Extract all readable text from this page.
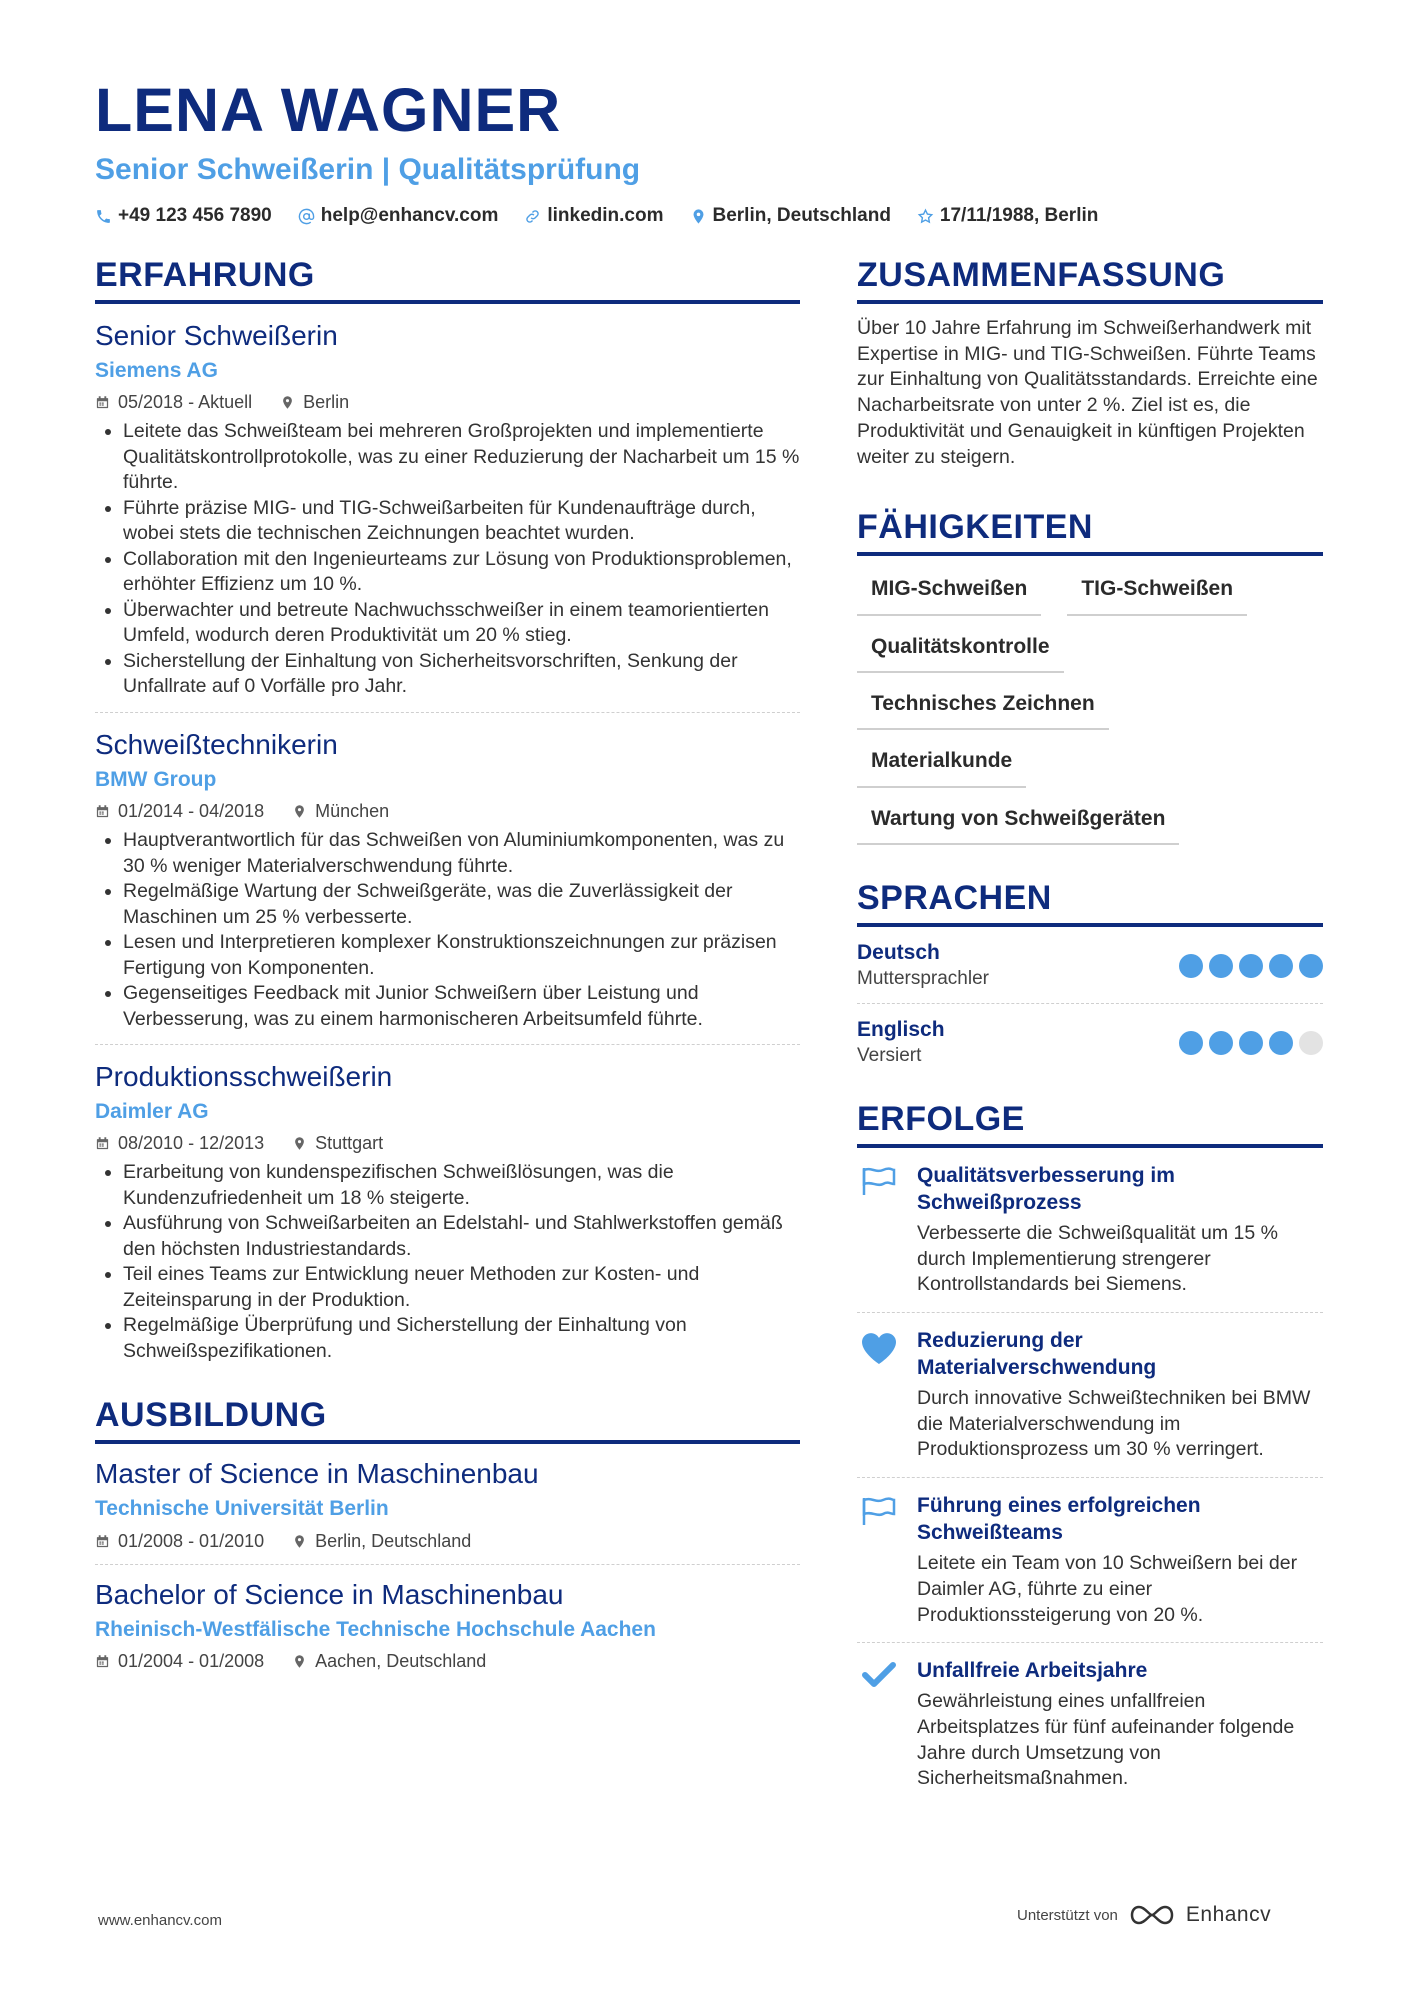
LENA WAGNER
Senior Schweißerin | Qualitätsprüfung
+49 123 456 7890	help@enhancv.com	linkedin.com	Berlin, Deutschland	17/11/1988, Berlin
ERFAHRUNG
Senior Schweißerin
Siemens AG
05/2018 - Aktuell	Berlin
• Leitete das Schweißteam bei mehreren Großprojekten und implementierte Qualitätskontrollprotokolle, was zu einer Reduzierung der Nacharbeit um 15 % führte.
• Führte präzise MIG- und TIG-Schweißarbeiten für Kundenaufträge durch, wobei stets die technischen Zeichnungen beachtet wurden.
• Collaboration mit den Ingenieurteams zur Lösung von Produktionsproblemen, erhöhter Effizienz um 10 %.
• Überwachter und betreute Nachwuchsschweißer in einem teamorientierten Umfeld, wodurch deren Produktivität um 20 % stieg.
• Sicherstellung der Einhaltung von Sicherheitsvorschriften, Senkung der Unfallrate auf 0 Vorfälle pro Jahr.
Schweißtechnikerin
BMW Group
01/2014 - 04/2018	München
• Hauptverantwortlich für das Schweißen von Aluminiumkomponenten, was zu 30 % weniger Materialverschwendung führte.
• Regelmäßige Wartung der Schweißgeräte, was die Zuverlässigkeit der Maschinen um 25 % verbesserte.
• Lesen und Interpretieren komplexer Konstruktionszeichnungen zur präzisen Fertigung von Komponenten.
• Gegenseitiges Feedback mit Junior Schweißern über Leistung und Verbesserung, was zu einem harmonischeren Arbeitsumfeld führte.
Produktionsschweißerin
Daimler AG
08/2010 - 12/2013	Stuttgart
• Erarbeitung von kundenspezifischen Schweißlösungen, was die Kundenzufriedenheit um 18 % steigerte.
• Ausführung von Schweißarbeiten an Edelstahl- und Stahlwerkstoffen gemäß den höchsten Industriestandards.
• Teil eines Teams zur Entwicklung neuer Methoden zur Kosten- und Zeiteinsparung in der Produktion.
• Regelmäßige Überprüfung und Sicherstellung der Einhaltung von Schweißspezifikationen.
AUSBILDUNG
Master of Science in Maschinenbau
Technische Universität Berlin
01/2008 - 01/2010	Berlin, Deutschland
Bachelor of Science in Maschinenbau
Rheinisch-Westfälische Technische Hochschule Aachen
01/2004 - 01/2008	Aachen, Deutschland
ZUSAMMENFASSUNG
Über 10 Jahre Erfahrung im Schweißerhandwerk mit Expertise in MIG- und TIG-Schweißen. Führte Teams zur Einhaltung von Qualitätsstandards. Erreichte eine Nacharbeitsrate von unter 2 %. Ziel ist es, die Produktivität und Genauigkeit in künftigen Projekten weiter zu steigern.
FÄHIGKEITEN
MIG-Schweißen	TIG-Schweißen
Qualitätskontrolle
Technisches Zeichnen
Materialkunde
Wartung von Schweißgeräten
SPRACHEN
Deutsch
Muttersprachler
Englisch
Versiert
ERFOLGE
Qualitätsverbesserung im Schweißprozess
Verbesserte die Schweißqualität um 15 % durch Implementierung strengerer Kontrollstandards bei Siemens.
Reduzierung der Materialverschwendung
Durch innovative Schweißtechniken bei BMW die Materialverschwendung im Produktionsprozess um 30 % verringert.
Führung eines erfolgreichen Schweißteams
Leitete ein Team von 10 Schweißern bei der Daimler AG, führte zu einer Produktionssteigerung von 20 %.
Unfallfreie Arbeitsjahre
Gewährleistung eines unfallfreien Arbeitsplatzes für fünf aufeinander folgende Jahre durch Umsetzung von Sicherheitsmaßnahmen.
www.enhancv.com	Unterstützt von	Enhancv
